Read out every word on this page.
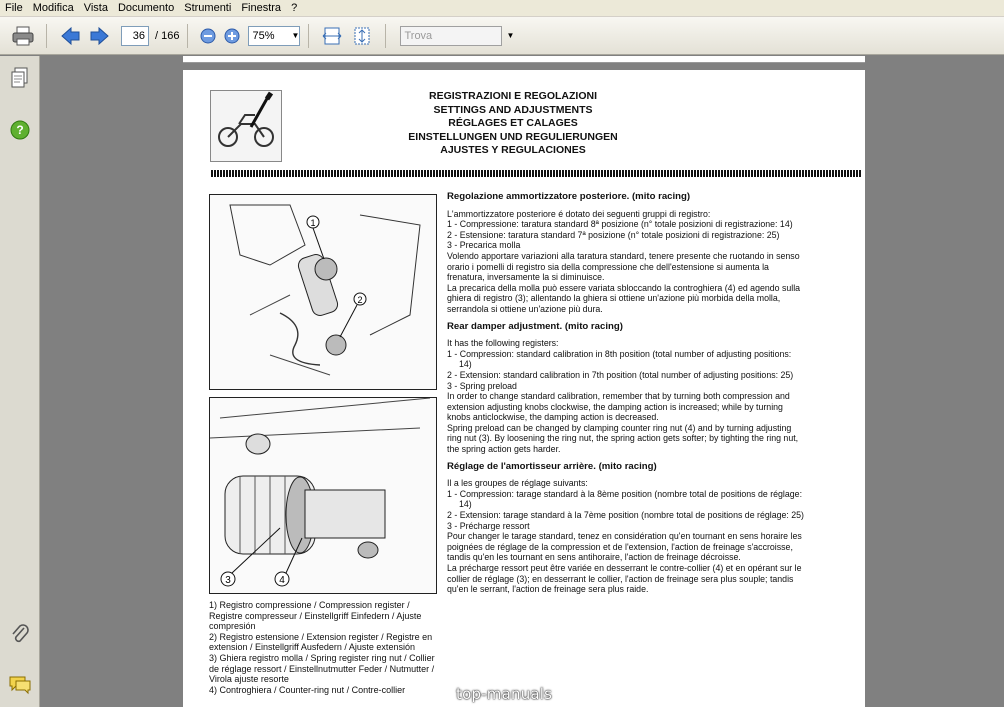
File Modifica Vista Documento Strumenti Finestra ?
36 / 166	75% ▼	Trova	▼
?
REGISTRAZIONI E REGOLAZIONI
SETTINGS AND ADJUSTMENTS
RÉGLAGES ET CALAGES
EINSTELLUNGEN UND REGULIERUNGEN
AJUSTES Y REGULACIONES
1
2
3	4

1) Registro compressione / Compression register / Registre compresseur / Einstellgriff Einfedern / Ajuste compresión

2) Registro estensione / Extension register / Registre en extension / Einstellgriff Ausfedern / Ajuste extensión

3) Ghiera registro molla / Spring register ring nut / Collier de réglage ressort / Einstellnutmutter Feder / Nutmutter / Virola ajuste resorte

4) Controghiera / Counter-ring nut / Contre-collier

Regolazione ammortizzatore posteriore. (mito racing)

L'ammortizzatore posteriore é dotato dei seguenti gruppi di registro:

1 - Compressione: taratura standard 8ª posizione (n° totale posizioni di registrazione: 14)

2 - Estensione: taratura standard 7ª posizione (n° totale posizioni di registrazione: 25)

3 - Precarica molla

Volendo apportare variazioni alla taratura standard, tenere presente che ruotando in senso orario i pomelli di registro sia della compressione che dell'estensione si aumenta la frenatura, inversamente la si diminuisce.

La precarica della molla può essere variata sbloccando la controghiera (4) ed agendo sulla ghiera di registro (3); allentando la ghiera si ottiene un'azione più morbida della molla, serrandola si ottiene un'azione più dura.

Rear damper adjustment. (mito racing)

It has the following registers:

1 - Compression: standard calibration in 8th position (total number of adjusting positions: 14)

2 - Extension: standard calibration in 7th position (total number of adjusting positions: 25)

3 - Spring preload

In order to change standard calibration, remember that by turning both compression and extension adjusting knobs clockwise, the damping action is increased; while by turning knobs anticlockwise, the damping action is decreased.

Spring preload can be changed by clamping counter ring nut (4) and by turning adjusting ring nut (3). By loosening the ring nut, the spring action gets softer; by tighting the ring nut, the spring action gets harder.

Réglage de l'amortisseur arrière. (mito racing)

Il a les groupes de réglage suivants:

1 - Compression: tarage standard à la 8ème position (nombre total de positions de réglage: 14)

2 - Extension: tarage standard à la 7ème position (nombre total de positions de réglage: 25)

3 - Précharge ressort

Pour changer le tarage standard, tenez en considération qu'en tournant en sens horaire les poignées de réglage de la compression et de l'extension, l'action de freinage s'accroisse, tandis qu'en les tournant en sens antihoraire, l'action de freinage décroisse.

La précharge ressort peut être variée en desserrant le contre-collier (4) et en opérant sur le collier de réglage (3); en desserrant le collier, l'action de freinage sera plus souple; tandis qu'en le serrant, l'action de freinage sera plus raide.

top-manuals
